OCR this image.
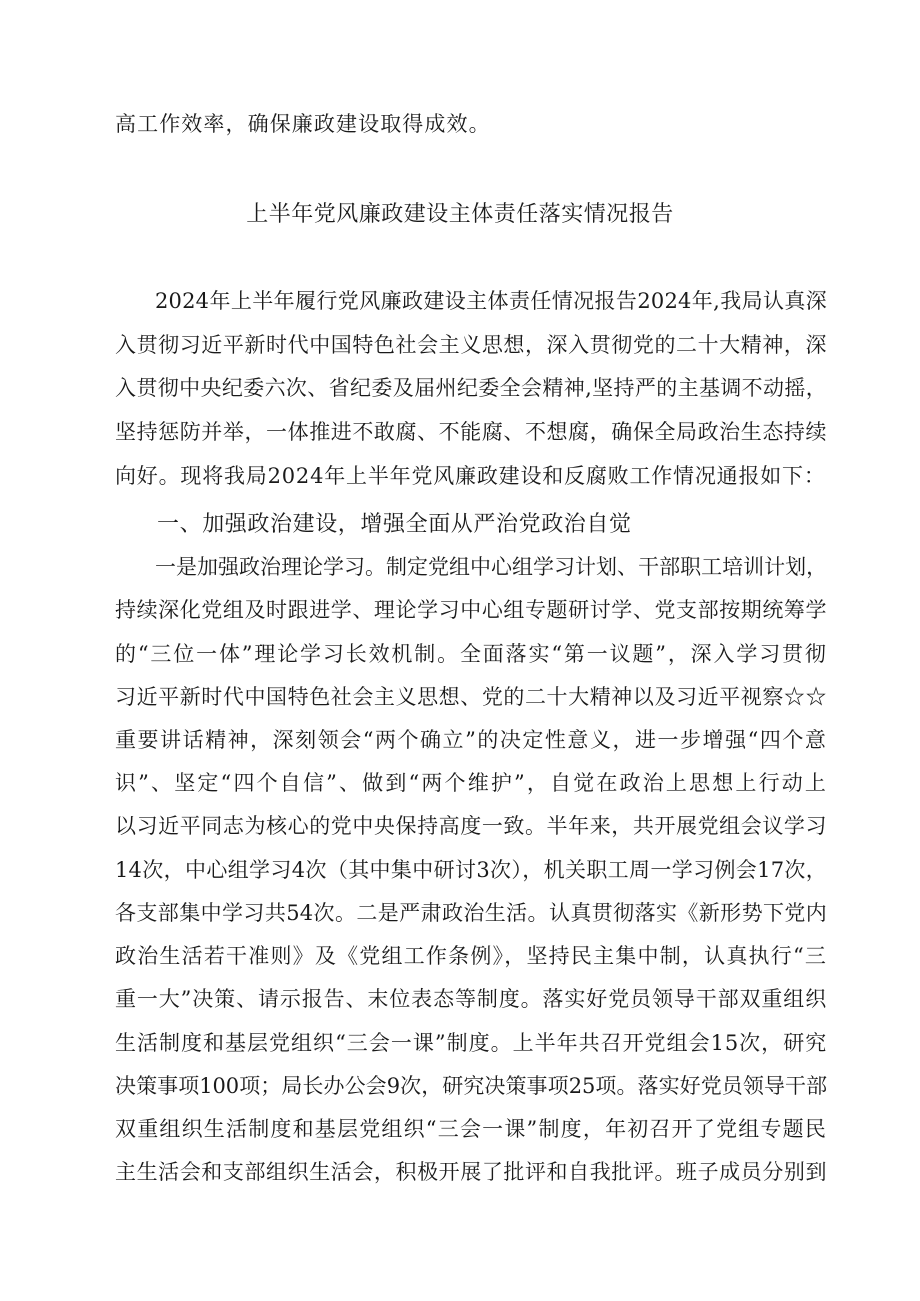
高工作效率，确保廉政建设取得成效。
上半年党风廉政建设主体责任落实情况报告
2024年上半年履行党风廉政建设主体责任情况报告2024年,我局认真深
入贯彻习近平新时代中国特色社会主义思想，深入贯彻党的二十大精神，深
入贯彻中央纪委六次、省纪委及届州纪委全会精神,坚持严的主基调不动摇，
坚持惩防并举，一体推进不敢腐、不能腐、不想腐，确保全局政治生态持续
向好。现将我局2024年上半年党风廉政建设和反腐败工作情况通报如下：
一、加强政治建设，增强全面从严治党政治自觉
一是加强政治理论学习。制定党组中心组学习计划、干部职工培训计划，
持续深化党组及时跟进学、理论学习中心组专题研讨学、党支部按期统筹学
的“三位一体”理论学习长效机制。全面落实“第一议题”，深入学习贯彻
习近平新时代中国特色社会主义思想、党的二十大精神以及习近平视察☆☆
重要讲话精神，深刻领会“两个确立”的决定性意义，进一步增强“四个意
识”、坚定“四个自信”、做到“两个维护”，自觉在政治上思想上行动上
以习近平同志为核心的党中央保持高度一致。半年来，共开展党组会议学习
14次，中心组学习4次（其中集中研讨3次），机关职工周一学习例会17次，
各支部集中学习共54次。二是严肃政治生活。认真贯彻落实《新形势下党内
政治生活若干准则》及《党组工作条例》，坚持民主集中制，认真执行“三
重一大”决策、请示报告、末位表态等制度。落实好党员领导干部双重组织
生活制度和基层党组织“三会一课”制度。上半年共召开党组会15次，研究
决策事项100项；局长办公会9次，研究决策事项25项。落实好党员领导干部
双重组织生活制度和基层党组织“三会一课”制度，年初召开了党组专题民
主生活会和支部组织生活会，积极开展了批评和自我批评。班子成员分别到
